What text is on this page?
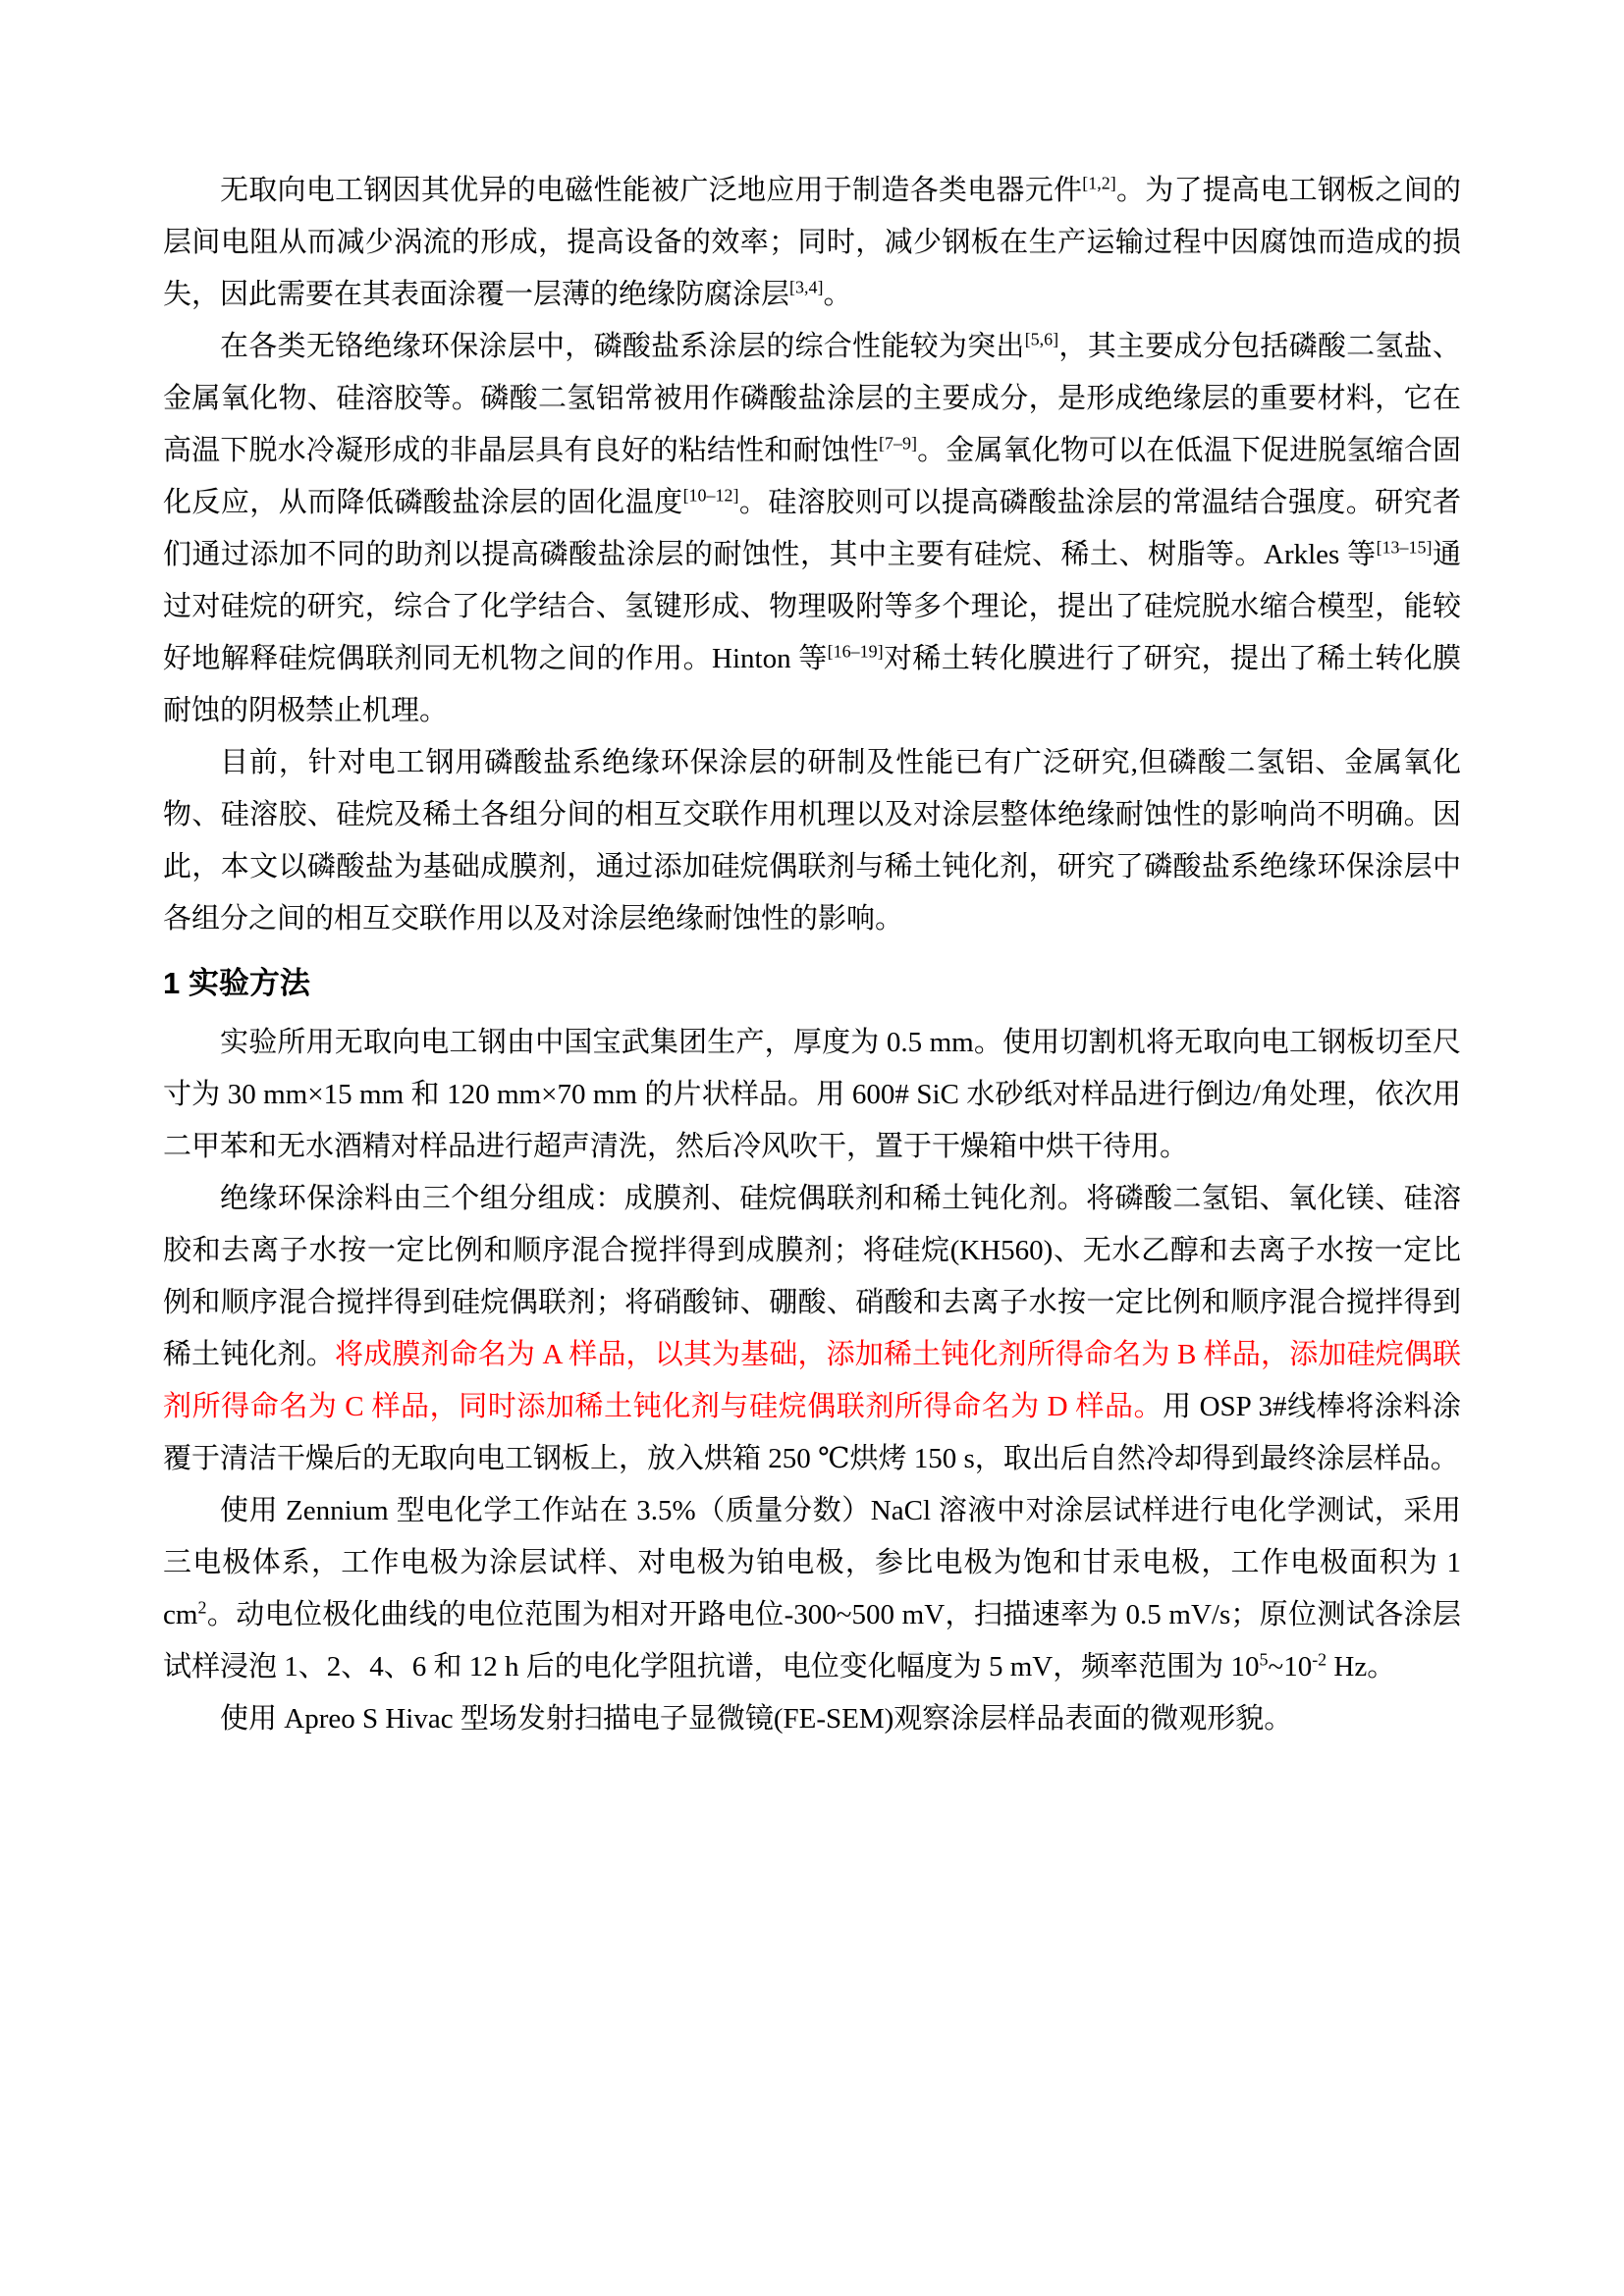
无取向电工钢因其优异的电磁性能被广泛地应用于制造各类电器元件[1,2]。为了提高电工钢板之间的层间电阻从而减少涡流的形成，提高设备的效率；同时，减少钢板在生产运输过程中因腐蚀而造成的损失，因此需要在其表面涂覆一层薄的绝缘防腐涂层[3,4]。

在各类无铬绝缘环保涂层中，磷酸盐系涂层的综合性能较为突出[5,6]，其主要成分包括磷酸二氢盐、金属氧化物、硅溶胶等。磷酸二氢铝常被用作磷酸盐涂层的主要成分，是形成绝缘层的重要材料，它在高温下脱水冷凝形成的非晶层具有良好的粘结性和耐蚀性[7–9]。金属氧化物可以在低温下促进脱氢缩合固化反应，从而降低磷酸盐涂层的固化温度[10–12]。硅溶胶则可以提高磷酸盐涂层的常温结合强度。研究者们通过添加不同的助剂以提高磷酸盐涂层的耐蚀性，其中主要有硅烷、稀土、树脂等。Arkles 等[13–15]通过对硅烷的研究，综合了化学结合、氢键形成、物理吸附等多个理论，提出了硅烷脱水缩合模型，能较好地解释硅烷偶联剂同无机物之间的作用。Hinton 等[16–19]对稀土转化膜进行了研究，提出了稀土转化膜耐蚀的阴极禁止机理。

目前，针对电工钢用磷酸盐系绝缘环保涂层的研制及性能已有广泛研究,但磷酸二氢铝、金属氧化物、硅溶胶、硅烷及稀土各组分间的相互交联作用机理以及对涂层整体绝缘耐蚀性的影响尚不明确。因此，本文以磷酸盐为基础成膜剂，通过添加硅烷偶联剂与稀土钝化剂，研究了磷酸盐系绝缘环保涂层中各组分之间的相互交联作用以及对涂层绝缘耐蚀性的影响。

1 实验方法

实验所用无取向电工钢由中国宝武集团生产，厚度为 0.5 mm。使用切割机将无取向电工钢板切至尺寸为 30 mm×15 mm 和 120 mm×70 mm 的片状样品。用 600# SiC 水砂纸对样品进行倒边/角处理，依次用二甲苯和无水酒精对样品进行超声清洗，然后冷风吹干，置于干燥箱中烘干待用。

绝缘环保涂料由三个组分组成：成膜剂、硅烷偶联剂和稀土钝化剂。将磷酸二氢铝、氧化镁、硅溶胶和去离子水按一定比例和顺序混合搅拌得到成膜剂；将硅烷(KH560)、无水乙醇和去离子水按一定比例和顺序混合搅拌得到硅烷偶联剂；将硝酸铈、硼酸、硝酸和去离子水按一定比例和顺序混合搅拌得到稀土钝化剂。将成膜剂命名为 A 样品，以其为基础，添加稀土钝化剂所得命名为 B 样品，添加硅烷偶联剂所得命名为 C 样品，同时添加稀土钝化剂与硅烷偶联剂所得命名为 D 样品。用 OSP 3#线棒将涂料涂覆于清洁干燥后的无取向电工钢板上，放入烘箱 250 ℃烘烤 150 s，取出后自然冷却得到最终涂层样品。

使用 Zennium 型电化学工作站在 3.5%（质量分数）NaCl 溶液中对涂层试样进行电化学测试，采用三电极体系，工作电极为涂层试样、对电极为铂电极，参比电极为饱和甘汞电极，工作电极面积为 1 $cm^2$。动电位极化曲线的电位范围为相对开路电位-300~500 mV，扫描速率为 0.5 mV/s；原位测试各涂层试样浸泡 1、2、4、6 和 12 h 后的电化学阻抗谱，电位变化幅度为 5 mV，频率范围为 $10^5\sim 10^{-2}$ Hz。

使用 Apreo S Hivac 型场发射扫描电子显微镜(FE-SEM)观察涂层样品表面的微观形貌。
